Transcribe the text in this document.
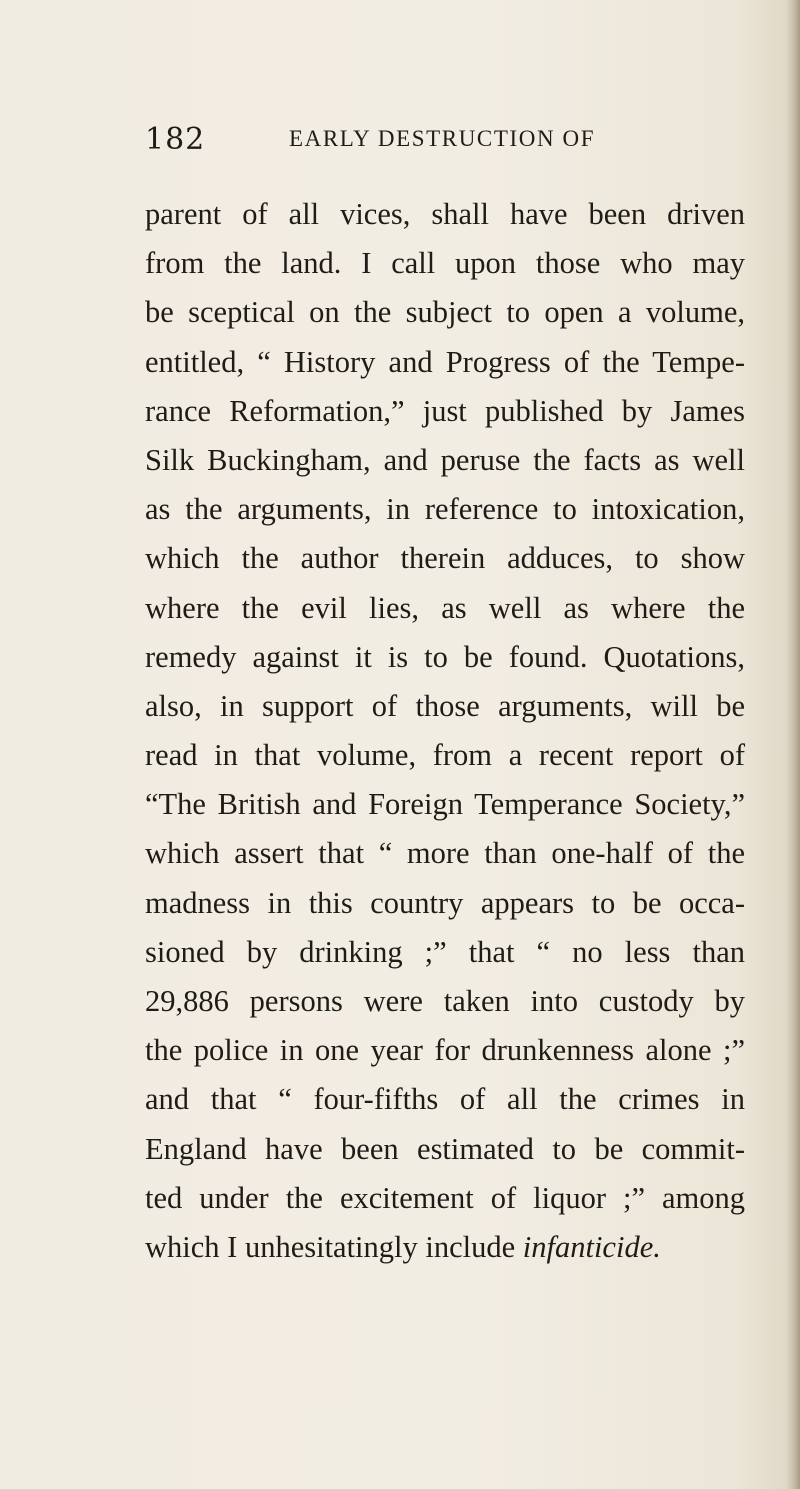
182	EARLY DESTRUCTION OF
parent of all vices, shall have been driven
from the land. I call upon those who may
be sceptical on the subject to open a volume,
entitled, “ History and Progress of the Tempe-
rance Reformation,” just published by James
Silk Buckingham, and peruse the facts as well
as the arguments, in reference to intoxication,
which the author therein adduces, to show
where the evil lies, as well as where the
remedy against it is to be found. Quotations,
also, in support of those arguments, will be
read in that volume, from a recent report of
“The British and Foreign Temperance Society,”
which assert that “ more than one-half of the
madness in this country appears to be occa-
sioned by drinking ;” that “ no less than
29,886 persons were taken into custody by
the police in one year for drunkenness alone ;”
and that “ four-fifths of all the crimes in
England have been estimated to be commit-
ted under the excitement of liquor ;” among
which I unhesitatingly include infanticide.
